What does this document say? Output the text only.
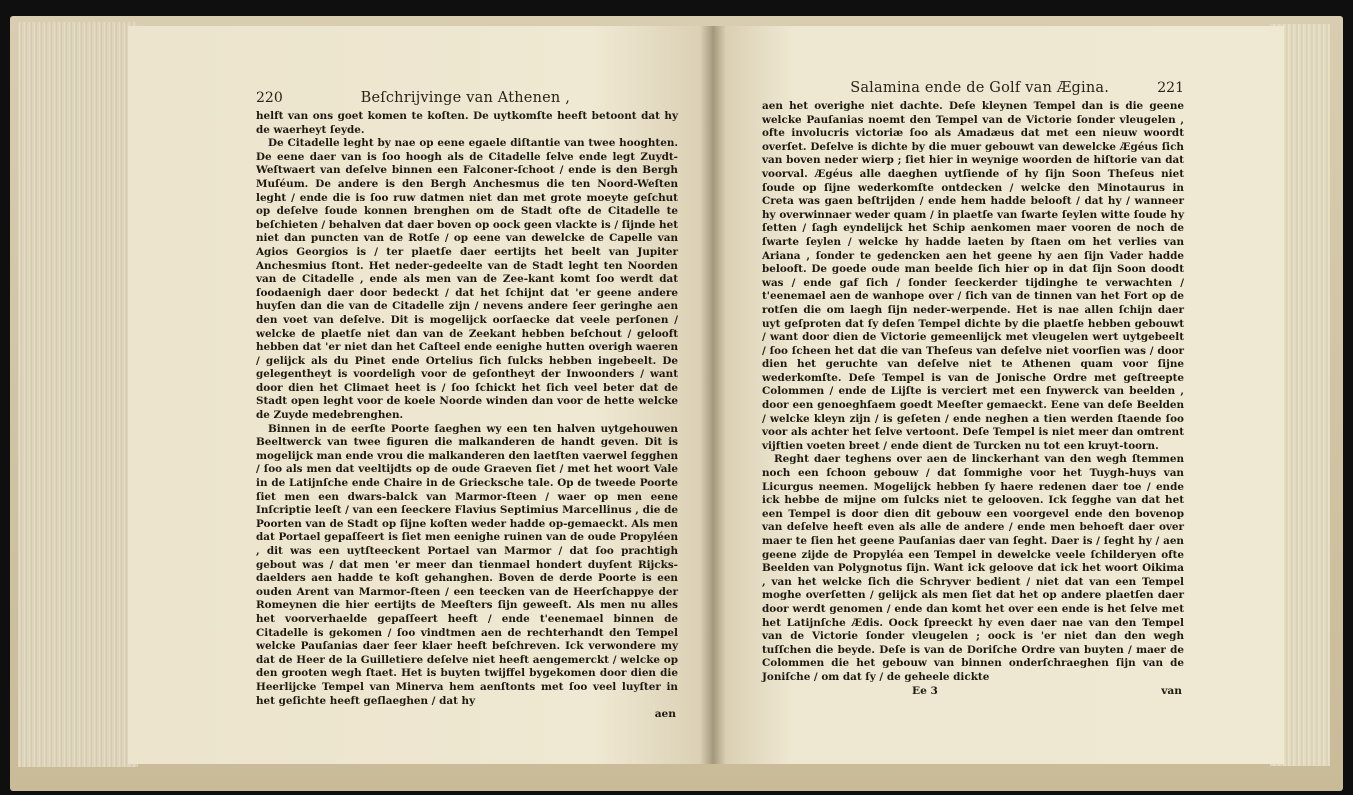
220	Beſchrijvinge van Athenen ,

helft van ons goet komen te koſten. De uytkomſte heeft betoont dat hy de waerheyt ſeyde.

De Citadelle leght by nae op eene egaele diſtantie van twee hooghten. De eene daer van is ſoo hoogh als de Citadelle ſelve ende legt Zuydt-Weſtwaert van deſelve binnen een Falconer-ſchoot / ende is den Bergh Muſéum. De andere is den Bergh Anchesmus die ten Noord-Weſten leght / ende die is ſoo ruw datmen niet dan met grote moeyte geſchut op deſelve ſoude konnen brenghen om de Stadt ofte de Citadelle te beſchieten / behalven dat daer boven op oock geen vlackte is / ſijnde het niet dan puncten van de Rotſe / op eene van dewelcke de Capelle van Agios Georgios is / ter plaetſe daer eertijts het beelt van Jupiter Anchesmius ſtont. Het neder-gedeelte van de Stadt leght ten Noorden van de Citadelle , ende als men van de Zee-kant komt ſoo werdt dat ſoodaenigh daer door bedeckt / dat het ſchijnt dat 'er geene andere huyſen dan die van de Citadelle zijn / nevens andere ſeer geringhe aen den voet van deſelve. Dit is mogelijck oorſaecke dat veele perſonen / welcke de plaetſe niet dan van de Zeekant hebben beſchout / gelooft hebben dat 'er niet dan het Caſteel ende eenighe hutten overigh waeren / gelijck als du Pinet ende Ortelius ſich ſulcks hebben ingebeelt. De gelegentheyt is voordeligh voor de geſontheyt der Inwoonders / want door dien het Climaet heet is / ſoo ſchickt het ſich veel beter dat de Stadt open leght voor de koele Noorde winden dan voor de hette welcke de Zuyde medebrenghen.

Binnen in de eerſte Poorte ſaeghen wy een ten halven uytgehouwen Beeltwerck van twee figuren die malkanderen de handt geven. Dit is mogelijck man ende vrou die malkanderen den laetſten vaerwel ſegghen / ſoo als men dat veeltijdts op de oude Graeven ſiet / met het woort Vale in de Latijnſche ende Chaire in de Griecksche tale. Op de tweede Poorte ſiet men een dwars-balck van Marmor-ſteen / waer op men eene Inſcriptie leeſt / van een ſeeckere Flavius Septimius Marcellinus , die de Poorten van de Stadt op ſijne koſten weder hadde op-gemaeckt. Als men dat Portael gepaſſeert is ſiet men eenighe ruinen van de oude Propyléen , dit was een uytſteeckent Portael van Marmor / dat ſoo prachtigh gebout was / dat men 'er meer dan tienmael hondert duyſent Rijcks-daelders aen hadde te koſt gehanghen. Boven de derde Poorte is een ouden Arent van Marmor-ſteen / een teecken van de Heerſchappye der Romeynen die hier eertijts de Meeſters ſijn geweeſt. Als men nu alles het voorverhaelde gepaſſeert heeft / ende t'eenemael binnen de Citadelle is gekomen / ſoo vindtmen aen de rechterhandt den Tempel welcke Pauſanias daer ſeer klaer heeft beſchreven. Ick verwondere my dat de Heer de la Guilletiere deſelve niet heeft aengemerckt / welcke op den grooten wegh ſtaet. Het is buyten twijffel bygekomen door dien die Heerlijcke Tempel van Minerva hem aenſtonts met ſoo veel luyſter in het geſichte heeft geſlaeghen / dat hy

aen
Salamina ende de Golf van Ægina.	221

aen het overighe niet dachte. Deſe kleynen Tempel dan is die geene welcke Pauſanias noemt den Tempel van de Victorie ſonder vleugelen , ofte involucris victoriæ ſoo als Amadæus dat met een nieuw woordt overſet. Deſelve is dichte by die muer gebouwt van dewelcke Ægéus ſich van boven neder wierp ; ſiet hier in weynige woorden de hiſtorie van dat voorval. Ægéus alle daeghen uytſiende of hy ſijn Soon Theſeus niet ſoude op ſijne wederkomſte ontdecken / welcke den Minotaurus in Creta was gaen beſtrijden / ende hem hadde belooft / dat hy / wanneer hy overwinnaer weder quam / in plaetſe van ſwarte ſeylen witte ſoude hy ſetten / ſagh eyndelijck het Schip aenkomen maer vooren de noch de ſwarte ſeylen / welcke hy hadde laeten by ſtaen om het verlies van Ariana , ſonder te gedencken aen het geene hy aen ſijn Vader hadde belooft. De goede oude man beelde ſich hier op in dat ſijn Soon doodt was / ende gaf ſich / ſonder ſeeckerder tijdinghe te verwachten / t'eenemael aen de wanhope over / ſich van de tinnen van het Fort op de rotſen die om laegh ſijn neder-werpende. Het is nae allen ſchijn daer uyt geſproten dat ſy deſen Tempel dichte by die plaetſe hebben gebouwt / want door dien de Victorie gemeenlijck met vleugelen wert uytgebeelt / ſoo ſcheen het dat die van Theſeus van deſelve niet voorſien was / door dien het geruchte van deſelve niet te Athenen quam voor ſijne wederkomſte. Deſe Tempel is van de Jonische Ordre met geſtreepte Colommen / ende de Lijſte is verciert met een ſnywerck van beelden , door een genoeghſaem goedt Meeſter gemaeckt. Eene van deſe Beelden / welcke kleyn zijn / is geſeten / ende neghen a tien werden ſtaende ſoo voor als achter het ſelve vertoont. Deſe Tempel is niet meer dan omtrent vijftien voeten breet / ende dient de Turcken nu tot een kruyt-toorn.

Reght daer teghens over aen de linckerhant van den wegh ſtemmen noch een ſchoon gebouw / dat ſommighe voor het Tuygh-huys van Licurgus neemen. Mogelijck hebben ſy haere redenen daer toe / ende ick hebbe de mijne om ſulcks niet te gelooven. Ick ſegghe van dat het een Tempel is door dien dit gebouw een voorgevel ende den bovenop van deſelve heeft even als alle de andere / ende men behoeft daer over maer te ſien het geene Pauſanias daer van ſeght. Daer is / ſeght hy / aen geene zijde de Propyléa een Tempel in dewelcke veele ſchilderyen ofte Beelden van Polygnotus ſijn. Want ick geloove dat ick het woort Oikima , van het welcke ſich die Schryver bedient / niet dat van een Tempel moghe overſetten / gelijck als men ſiet dat het op andere plaetſen daer door werdt genomen / ende dan komt het over een ende is het ſelve met het Latijnſche Ædis. Oock ſpreeckt hy even daer nae van den Tempel van de Victorie ſonder vleugelen ; oock is 'er niet dan den wegh tuſſchen die beyde. Deſe is van de Doriſche Ordre van buyten / maer de Colommen die het gebouw van binnen onderſchraeghen ſijn van de Joniſche / om dat ſy / de geheele dickte

Ee 3	van
